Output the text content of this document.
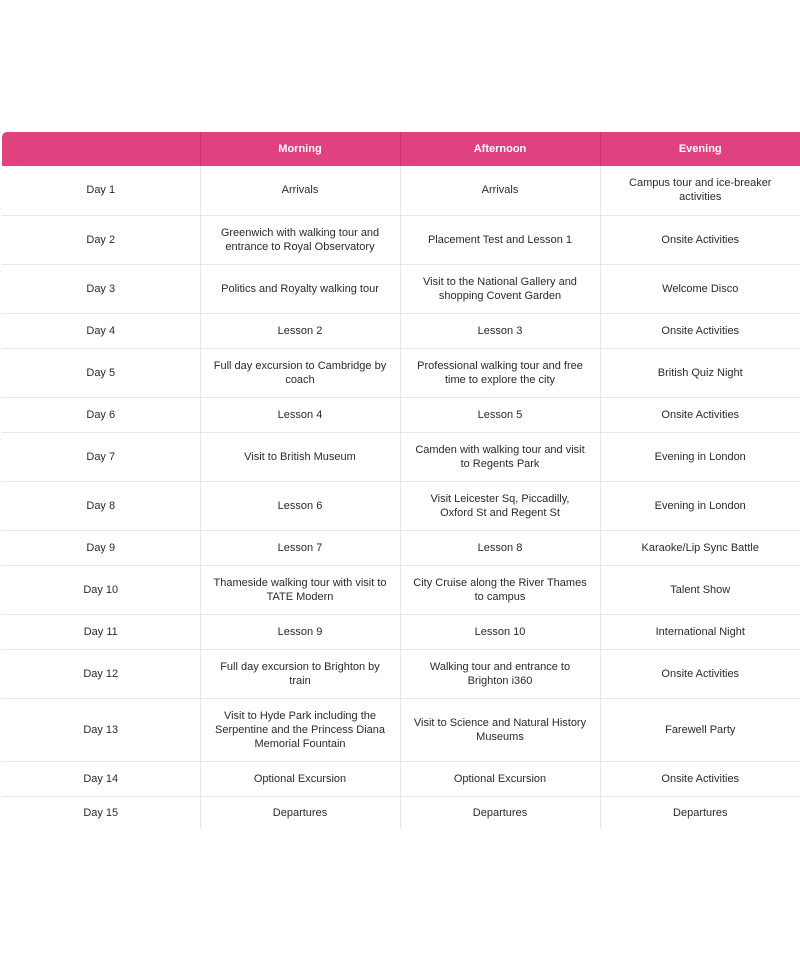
	Morning	Afternoon	Evening
Day 1	Arrivals	Arrivals	Campus tour and ice-breaker activities
Day 2	Greenwich with walking tour and entrance to Royal Observatory	Placement Test and Lesson 1	Onsite Activities
Day 3	Politics and Royalty walking tour	Visit to the National Gallery and shopping Covent Garden	Welcome Disco
Day 4	Lesson 2	Lesson 3	Onsite Activities
Day 5	Full day excursion to Cambridge by coach	Professional walking tour and free time to explore the city	British Quiz Night
Day 6	Lesson 4	Lesson 5	Onsite Activities
Day 7	Visit to British Museum	Camden with walking tour and visit to Regents Park	Evening in London
Day 8	Lesson 6	Visit Leicester Sq, Piccadilly, Oxford St and Regent St	Evening in London
Day 9	Lesson 7	Lesson 8	Karaoke/Lip Sync Battle
Day 10	Thameside walking tour with visit to TATE Modern	City Cruise along the River Thames to campus	Talent Show
Day 11	Lesson 9	Lesson 10	International Night
Day 12	Full day excursion to Brighton by train	Walking tour and entrance to Brighton i360	Onsite Activities
Day 13	Visit to Hyde Park including the Serpentine and the Princess Diana Memorial Fountain	Visit to Science and Natural History Museums	Farewell Party
Day 14	Optional Excursion	Optional Excursion	Onsite Activities
Day 15	Departures	Departures	Departures
